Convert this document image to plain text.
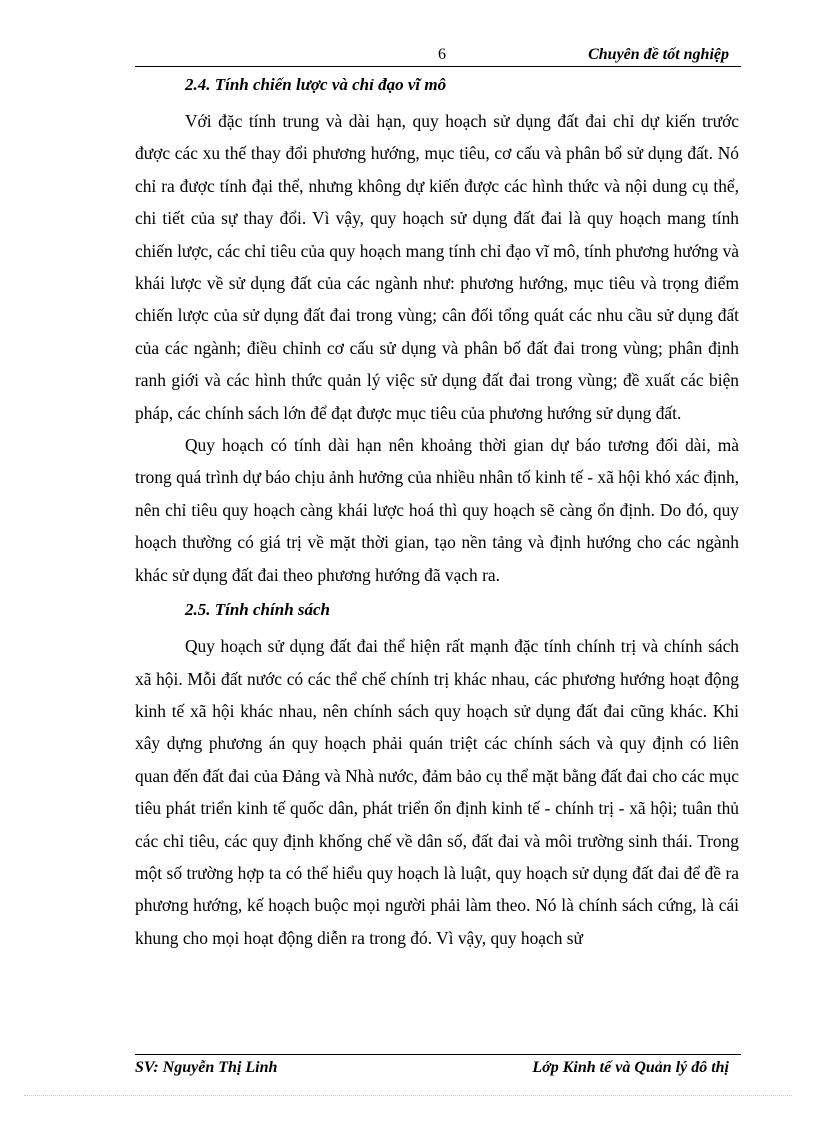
6	Chuyên đề tốt nghiệp
2.4. Tính chiến lược và chỉ đạo vĩ mô

Với đặc tính trung và dài hạn, quy hoạch sử dụng đất đai chỉ dự kiến trước được các xu thế thay đổi phương hướng, mục tiêu, cơ cấu và phân bổ sử dụng đất. Nó chỉ ra được tính đại thể, nhưng không dự kiến được các hình thức và nội dung cụ thể, chi tiết của sự thay đổi. Vì vậy, quy hoạch sử dụng đất đai là quy hoạch mang tính chiến lược, các chỉ tiêu của quy hoạch mang tính chỉ đạo vĩ mô, tính phương hướng và khái lược về sử dụng đất của các ngành như: phương hướng, mục tiêu và trọng điểm chiến lược của sử dụng đất đai trong vùng; cân đối tổng quát các nhu cầu sử dụng đất của các ngành; điều chỉnh cơ cấu sử dụng và phân bố đất đai trong vùng; phân định ranh giới và các hình thức quản lý việc sử dụng đất đai trong vùng; đề xuất các biện pháp, các chính sách lớn để đạt được mục tiêu của phương hướng sử dụng đất.

Quy hoạch có tính dài hạn nên khoảng thời gian dự báo tương đối dài, mà trong quá trình dự báo chịu ảnh hưởng của nhiều nhân tố kinh tế - xã hội khó xác định, nên chỉ tiêu quy hoạch càng khái lược hoá thì quy hoạch sẽ càng ổn định. Do đó, quy hoạch thường có giá trị về mặt thời gian, tạo nền tảng và định hướng cho các ngành khác sử dụng đất đai theo phương hướng đã vạch ra.

2.5. Tính chính sách

Quy hoạch sử dụng đất đai thể hiện rất mạnh đặc tính chính trị và chính sách xã hội. Mỗi đất nước có các thể chế chính trị khác nhau, các phương hướng hoạt động kinh tế xã hội khác nhau, nên chính sách quy hoạch sử dụng đất đai cũng khác. Khi xây dựng phương án quy hoạch phải quán triệt các chính sách và quy định có liên quan đến đất đai của Đảng và Nhà nước, đảm bảo cụ thể mặt bằng đất đai cho các mục tiêu phát triển kinh tế quốc dân, phát triển ổn định kinh tế - chính trị - xã hội; tuân thủ các chỉ tiêu, các quy định khống chế về dân số, đất đai và môi trường sinh thái. Trong một số trường hợp ta có thể hiểu quy hoạch là luật, quy hoạch sử dụng đất đai để đề ra phương hướng, kế hoạch buộc mọi người phải làm theo. Nó là chính sách cứng, là cái khung cho mọi hoạt động diễn ra trong đó. Vì vậy, quy hoạch sử

SV: Nguyễn Thị Linh	Lớp Kinh tế và Quản lý đô thị
